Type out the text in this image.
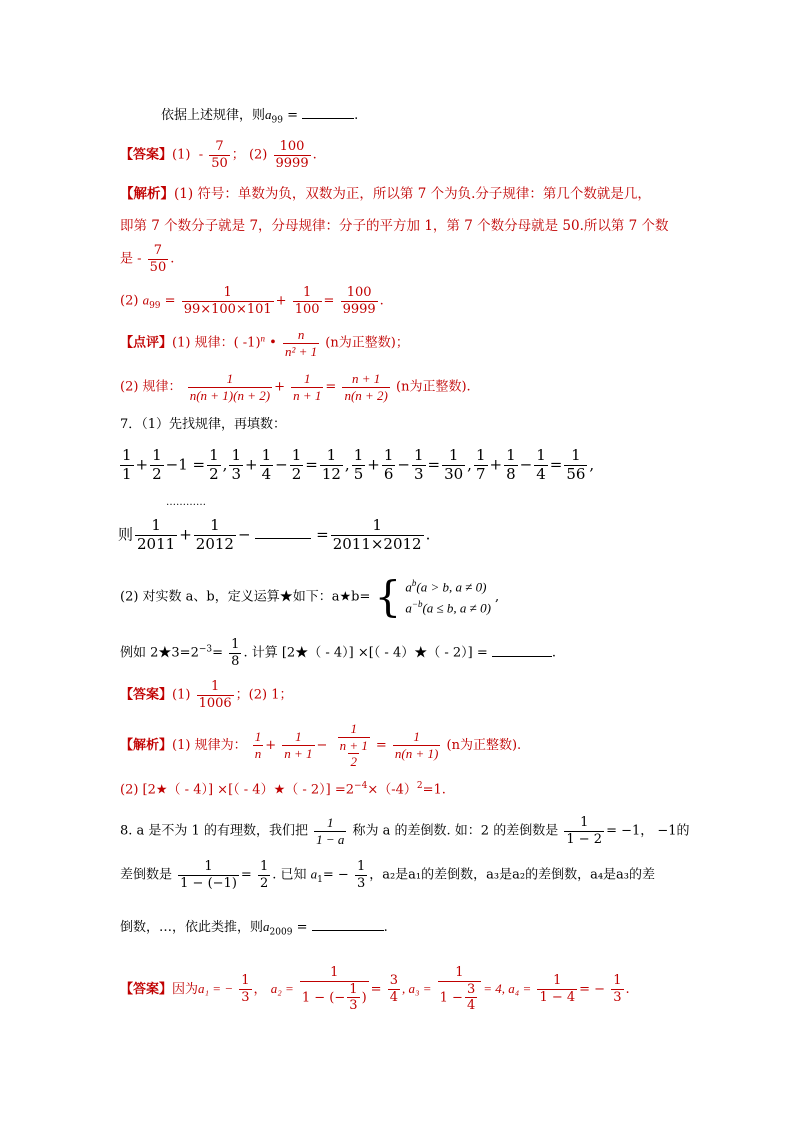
依据上述规律，则$a_{99}$ =	.
【答案】$(1) - \frac{7}{50}$ ； $(2) \frac{100}{9999}$ .
【解析】(1) 符号：单数为负，双数为正，所以第 7 个为负.分子规律：第几个数就是几，
即第 7 个数分子就是 7，分母规律：分子的平方加 1，第 7 个数分母就是 50.所以第 7 个数
是 - $\frac{7}{50}$ .
(2) $a_{99} = \frac{1}{99\times 100\times 101} + \frac{1}{100} = \frac{100}{9999}$ .
【点评】(1) 规律：( -1)$^n$ • $\frac{n}{\text{n² + 1}} (n$为正整数)；
(2) 规律： $\frac{1}{n(n + 1)(n + 2)} + \frac{1}{n + 1} = \frac{n + 1}{n(n + 2)} (n$为正整数).
7．（1）先找规律，再填数：
$\frac{1}{1} + \frac{1}{2} -1 = \frac{1}{2}$ , $\frac{1}{3} + \frac{1}{4} - \frac{1}{2} = \frac{1}{12}$ , $\frac{1}{5} + \frac{1}{6} - \frac{1}{3} = \frac{1}{30}$ , $\frac{1}{7} + \frac{1}{8} - \frac{1}{4} = \frac{1}{56}$ ,
…………
则 $\frac{1}{2011} + \frac{1}{2012}$ −	= $\frac{1}{2011\times 2012}$ .
(2) 对实数 a、b，定义运算★如下：a★b= { $a^b(a > b$, a ≠ 0)
$a^{-b}(a \le b$, a ≠ 0)
,
例如 $2★3=2^{-3}= \frac{1}{8}$ . 计算 [2★（ - 4）] ×[（ - 4）★（ - 2）] =	.
【答案】$(1) \frac{1}{1006}$ ；(2) 1；
【解析】(1) 规律为： $\frac{1}{n} + \frac{1}{n + 1} - \frac{\frac{1}{n + 1}}{2} = \frac{1}{n(n + 1)} (n$为正整数).
(2) [2★（ - 4）] ×[（ - 4）★（ - $2)] =2^{-4}\times(-4)^2=1$.
8. a 是不为 1 的有理数，我们把 $\frac{1}{1 - a}$ 称为 a 的差倒数. 如：2 的差倒数是 $\frac{1}{1 - 2} = -1$， −1的
差倒数是 $\frac{1}{1 - (-1)} = \frac{1}{2}$ . 已知 $a_1= - \frac{1}{3}$ ，a₂是a₁的差倒数，a₃是a₂的差倒数，a₄是a₃的差
倒数，…，依此类推，则$a_{2009}$ =	.
【答案】因为a₁ = − $\frac{1}{3}$ ， $a_2 = \frac{1}{1 - (- \frac{1}{3} )} = \frac{3}{4}$ , $a_3 = \frac{1}{1 - \frac{3}{4}} = 4$, $a_4 = \frac{1}{1 - 4}$ = − $\frac{1}{3}$ .
